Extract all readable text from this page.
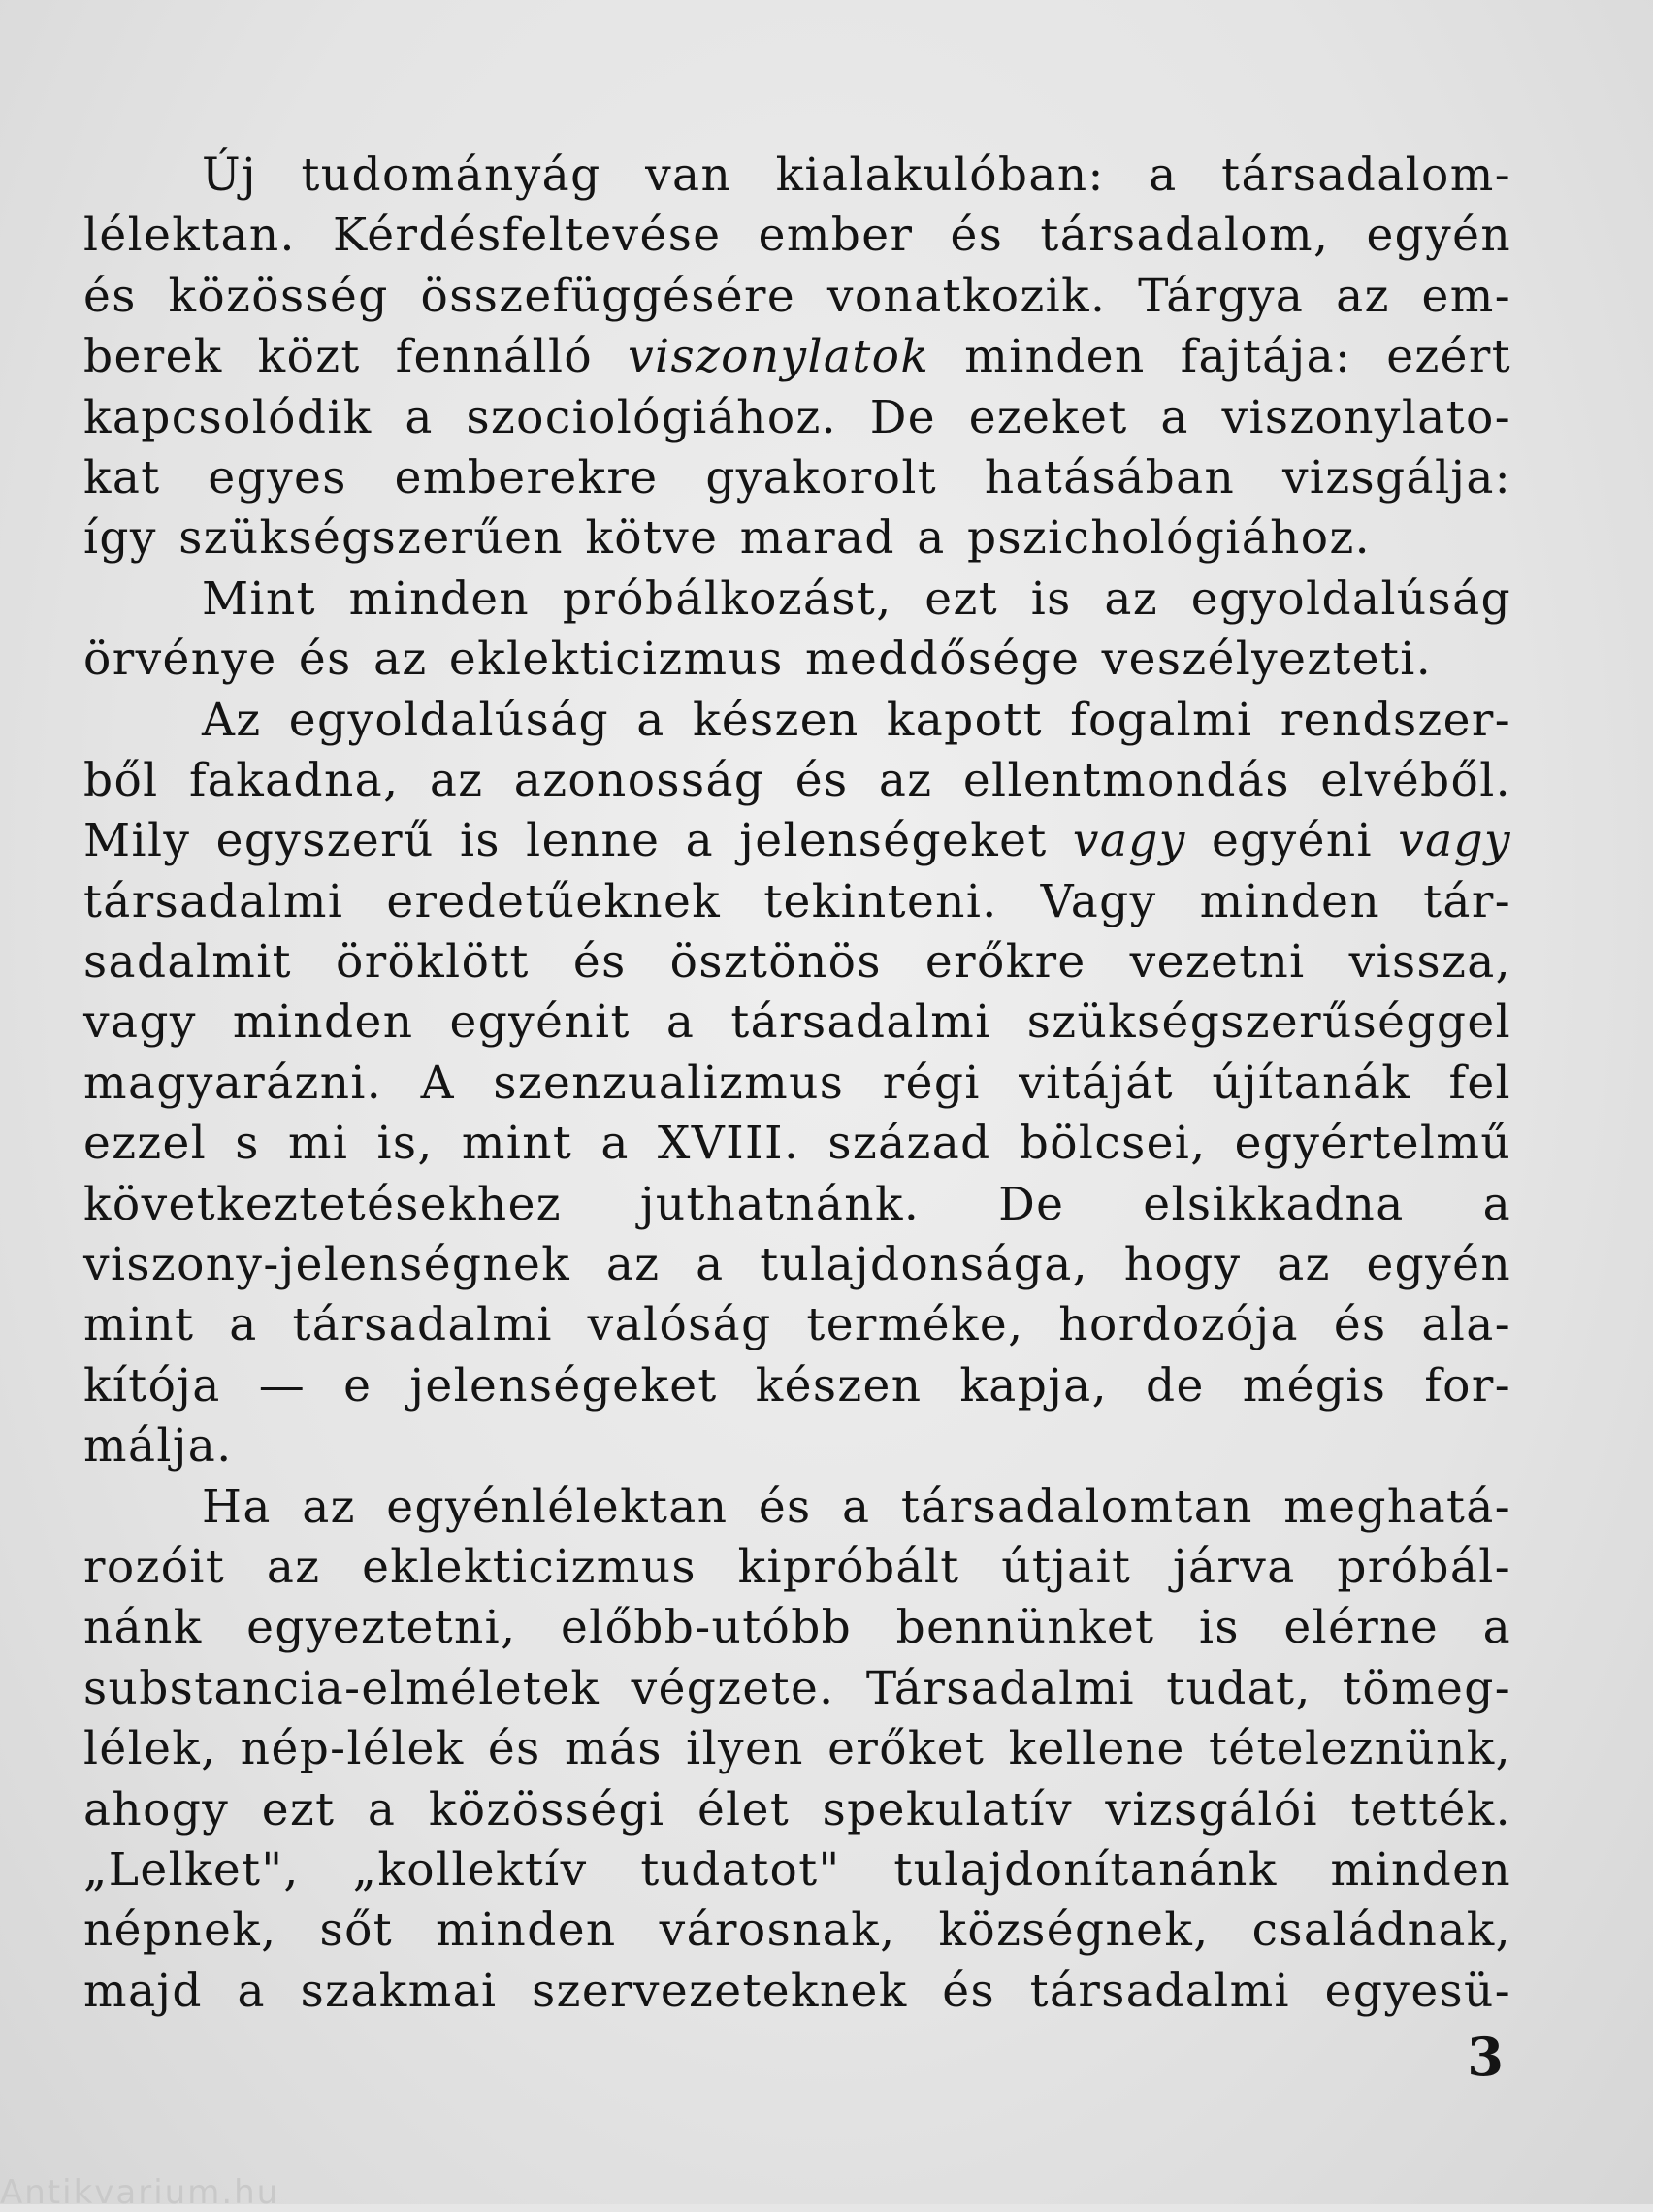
Új tudományág van kialakulóban: a társadalom-
lélektan. Kérdésfeltevése ember és társadalom, egyén
és közösség összefüggésére vonatkozik. Tárgya az em-
berek közt fennálló viszonylatok minden fajtája: ezért
kapcsolódik a szociológiához. De ezeket a viszonylato-
kat egyes emberekre gyakorolt hatásában vizsgálja:
így szükségszerűen kötve marad a pszichológiához.
Mint minden próbálkozást, ezt is az egyoldalúság
örvénye és az eklekticizmus meddősége veszélyezteti.
Az egyoldalúság a készen kapott fogalmi rendszer-
ből fakadna, az azonosság és az ellentmondás elvéből.
Mily egyszerű is lenne a jelenségeket vagy egyéni vagy
társadalmi eredetűeknek tekinteni. Vagy minden tár-
sadalmit öröklött és ösztönös erőkre vezetni vissza,
vagy minden egyénit a társadalmi szükségszerűséggel
magyarázni. A szenzualizmus régi vitáját újítanák fel
ezzel s mi is, mint a XVIII. század bölcsei, egyértelmű
következtetésekhez juthatnánk. De elsikkadna a
viszony-jelenségnek az a tulajdonsága, hogy az egyén
mint a társadalmi valóság terméke, hordozója és ala-
kítója — e jelenségeket készen kapja, de mégis for-
málja.
Ha az egyénlélektan és a társadalomtan meghatá-
rozóit az eklekticizmus kipróbált útjait járva próbál-
nánk egyeztetni, előbb-utóbb bennünket is elérne a
substancia-elméletek végzete. Társadalmi tudat, tömeg-
lélek, nép-lélek és más ilyen erőket kellene tételeznünk,
ahogy ezt a közösségi élet spekulatív vizsgálói tették.
„Lelket", „kollektív tudatot" tulajdonítanánk minden
népnek, sőt minden városnak, községnek, családnak,
majd a szakmai szervezeteknek és társadalmi egyesü-
3
Antikvarium.hu
